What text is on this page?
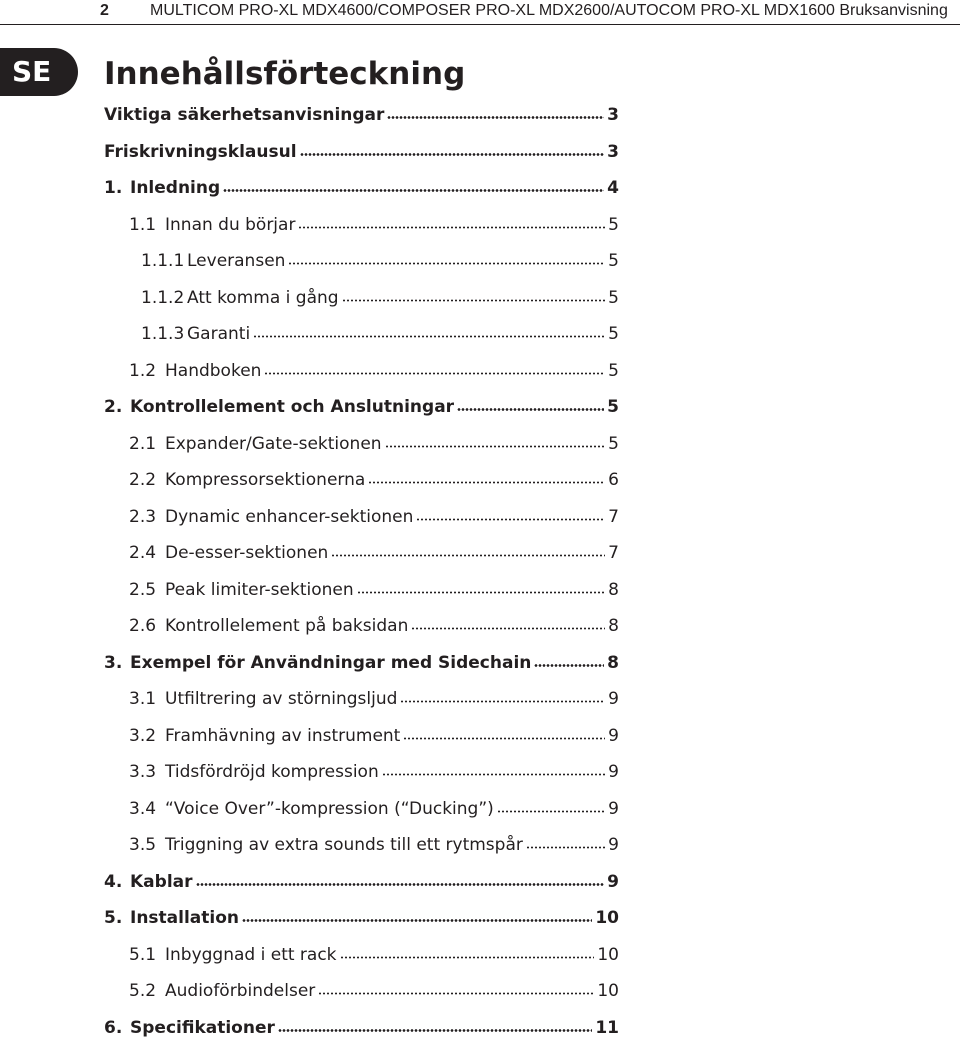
2	MULTICOM PRO-XL MDX4600/COMPOSER PRO-XL MDX2600/AUTOCOM PRO-XL MDX1600 Bruksanvisning
SE	Innehållsförteckning
Viktiga säkerhetsanvisningar	3
Friskrivningsklausul	3
1. Inledning	4
1.1 Innan du börjar	5
1.1.1 Leveransen	5
1.1.2 Att komma i gång	5
1.1.3 Garanti	5
1.2 Handboken	5
2. Kontrollelement och Anslutningar	5
2.1 Expander/Gate-sektionen	5
2.2 Kompressorsektionerna	6
2.3 Dynamic enhancer-sektionen	7
2.4 De-esser-sektionen	7
2.5 Peak limiter-sektionen	8
2.6 Kontrollelement på baksidan	8
3. Exempel för Användningar med Sidechain	8
3.1 Utfiltrering av störningsljud	9
3.2 Framhävning av instrument	9
3.3 Tidsfördröjd kompression	9
3.4 “Voice Over”-kompression (“Ducking”)	9
3.5 Triggning av extra sounds till ett rytmspår	9
4. Kablar	9
5. Installation	10
5.1 Inbyggnad i ett rack	10
5.2 Audioförbindelser	10
6. Specifikationer	11
